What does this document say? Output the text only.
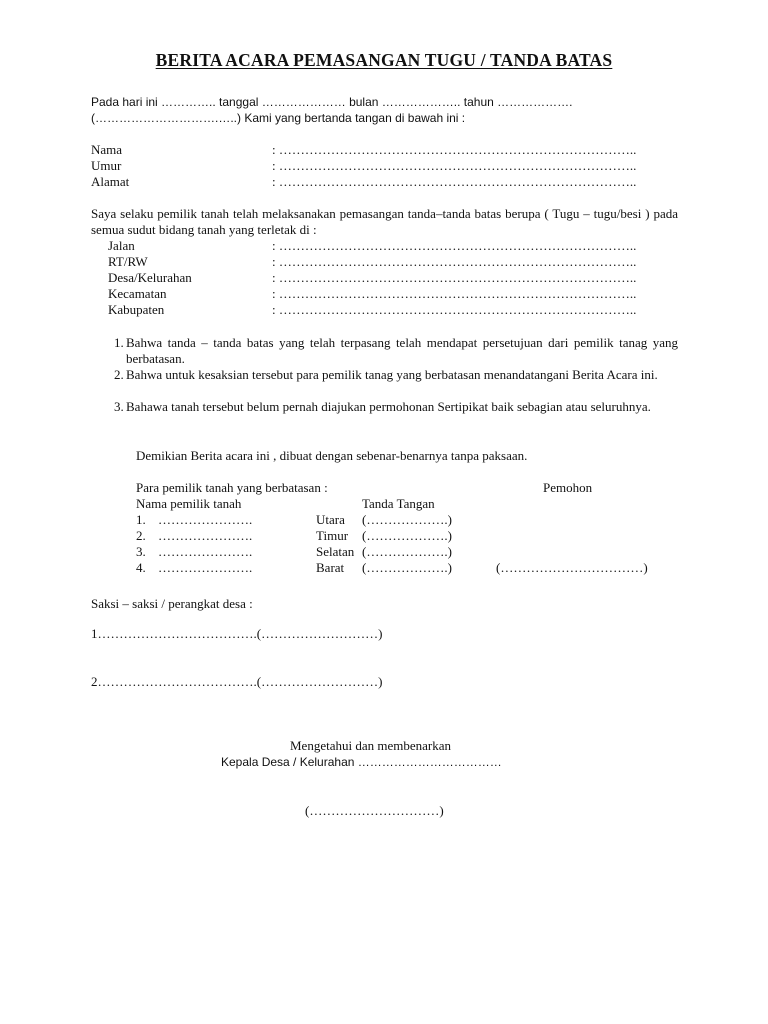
BERITA ACARA PEMASANGAN TUGU / TANDA BATAS
Pada hari ini ………….. tanggal ………………… bulan ……………….. tahun ……………….
(………………………….…..) Kami yang bertanda tangan di bawah ini :
Nama	: ………………………………………………………………………..
Umur	: ………………………………………………………………………..
Alamat	: ………………………………………………………………………..
Saya selaku pemilik tanah telah melaksanakan pemasangan tanda–tanda batas berupa ( Tugu – tugu/besi ) pada semua sudut bidang tanah yang terletak di :
Jalan	: ………………………………………………………………………..
RT/RW	: ………………………………………………………………………..
Desa/Kelurahan	: ………………………………………………………………………..
Kecamatan	: ………………………………………………………………………..
Kabupaten	: ………………………………………………………………………..
1. Bahwa tanda – tanda batas yang telah terpasang telah mendapat persetujuan dari pemilik tanag yang berbatasan.
2. Bahwa untuk kesaksian tersebut para pemilik tanag yang berbatasan menandatangani Berita Acara ini.
3. Bahawa tanah tersebut belum pernah diajukan permohonan Sertipikat baik sebagian atau seluruhnya.
Demikian Berita acara ini , dibuat dengan sebenar-benarnya tanpa paksaan.
Para pemilik tanah yang berbatasan :	Pemohon
Nama pemilik tanah	Tanda Tangan
1. ………………….	Utara (……………….)
2. ………………….	Timur (……………….)
3. ………………….	Selatan (……………….)
4. ………………….	Barat (……………….)	(……………………………)
Saksi – saksi / perangkat desa :
1……………………………….(………………………)
2……………………………….(………………………)
Mengetahui dan membenarkan
Kepala Desa / Kelurahan ………………………………
(…………………………)
